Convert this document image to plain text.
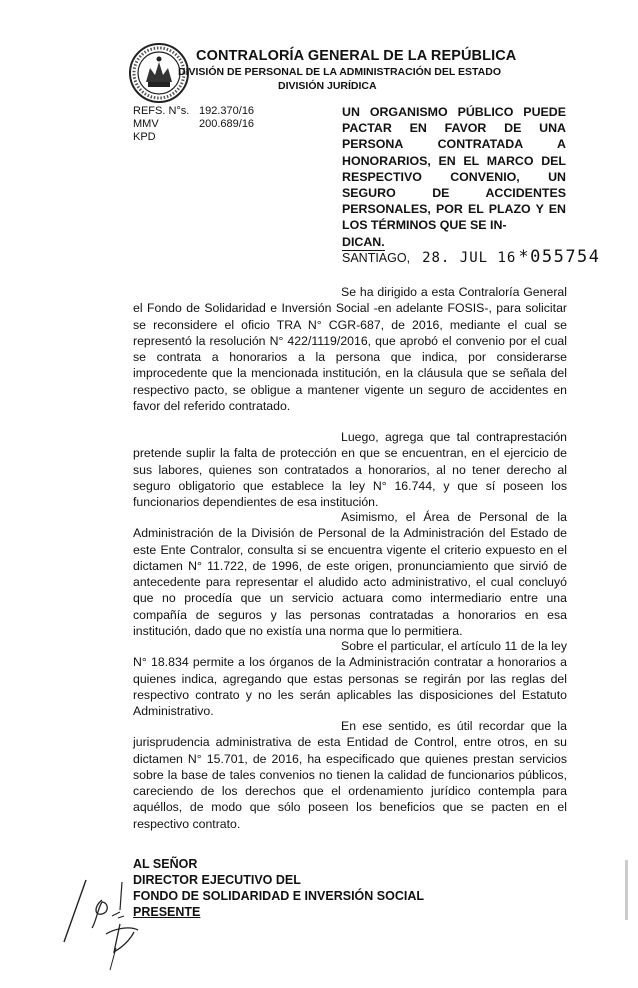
CONTRALORÍA GENERAL DE LA REPÚBLICA
DIVISIÓN DE PERSONAL DE LA ADMINISTRACIÓN DEL ESTADO
DIVISIÓN JURÍDICA
REFS. N°s. 192.370/16
MMV	200.689/16
KPD
UN ORGANISMO PÚBLICO PUEDE PACTAR EN FAVOR DE UNA PERSONA CONTRATADA A HONORARIOS, EN EL MARCO DEL RESPECTIVO CONVENIO, UN SEGURO DE ACCIDENTES PERSONALES, POR EL PLAZO Y EN LOS TÉRMINOS QUE SE IN-
DICAN.
SANTIAGO, 28. JUL 16 *055754
Se ha dirigido a esta Contraloría General el Fondo de Solidaridad e Inversión Social -en adelante FOSIS-, para solicitar se reconsidere el oficio TRA N° CGR-687, de 2016, mediante el cual se representó la resolución N° 422/1119/2016, que aprobó el convenio por el cual se contrata a honorarios a la persona que indica, por considerarse improcedente que la mencionada institución, en la cláusula que se señala del respectivo pacto, se obligue a mantener vigente un seguro de accidentes en favor del referido contratado.
Luego, agrega que tal contraprestación pretende suplir la falta de protección en que se encuentran, en el ejercicio de sus labores, quienes son contratados a honorarios, al no tener derecho al seguro obligatorio que establece la ley N° 16.744, y que sí poseen los funcionarios dependientes de esa institución.
Asimismo, el Área de Personal de la Administración de la División de Personal de la Administración del Estado de este Ente Contralor, consulta si se encuentra vigente el criterio expuesto en el dictamen N° 11.722, de 1996, de este origen, pronunciamiento que sirvió de antecedente para representar el aludido acto administrativo, el cual concluyó que no procedía que un servicio actuara como intermediario entre una compañía de seguros y las personas contratadas a honorarios en esa institución, dado que no existía una norma que lo permitiera.
Sobre el particular, el artículo 11 de la ley N° 18.834 permite a los órganos de la Administración contratar a honorarios a quienes indica, agregando que estas personas se regirán por las reglas del respectivo contrato y no les serán aplicables las disposiciones del Estatuto Administrativo.
En ese sentido, es útil recordar que la jurisprudencia administrativa de esta Entidad de Control, entre otros, en su dictamen N° 15.701, de 2016, ha especificado que quienes prestan servicios sobre la base de tales convenios no tienen la calidad de funcionarios públicos, careciendo de los derechos que el ordenamiento jurídico contempla para aquéllos, de modo que sólo poseen los beneficios que se pacten en el respectivo contrato.
AL SEÑOR
DIRECTOR EJECUTIVO DEL
FONDO DE SOLIDARIDAD E INVERSIÓN SOCIAL
PRESENTE
